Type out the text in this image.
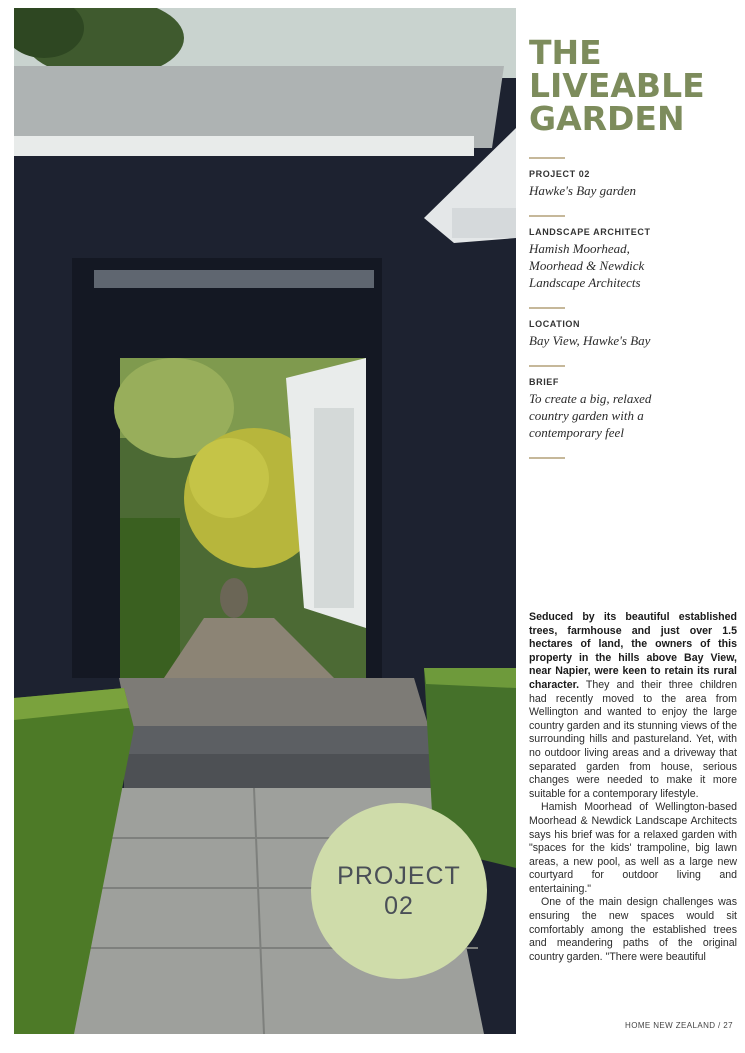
PROJECT
02
THE
LIVEABLE
GARDEN
PROJECT 02
Hawke's Bay garden
LANDSCAPE ARCHITECT
Hamish Moorhead,
Moorhead & Newdick
Landscape Architects
LOCATION
Bay View, Hawke's Bay
BRIEF
To create a big, relaxed
country garden with a
contemporary feel

Seduced by its beautiful established trees, farmhouse and just over 1.5 hectares of land, the owners of this property in the hills above Bay View, near Napier, were keen to retain its rural character. They and their three children had recently moved to the area from Wellington and wanted to enjoy the large country garden and its stunning views of the surrounding hills and pastureland. Yet, with no outdoor living areas and a driveway that separated garden from house, serious changes were needed to make it more suitable for a contemporary lifestyle.

Hamish Moorhead of Wellington-based Moorhead & Newdick Landscape Architects says his brief was for a relaxed garden with "spaces for the kids' trampoline, big lawn areas, a new pool, as well as a large new courtyard for outdoor living and entertaining."

One of the main design challenges was ensuring the new spaces would sit comfortably among the established trees and meandering paths of the original country garden. "There were beautiful

HOME NEW ZEALAND / 27
